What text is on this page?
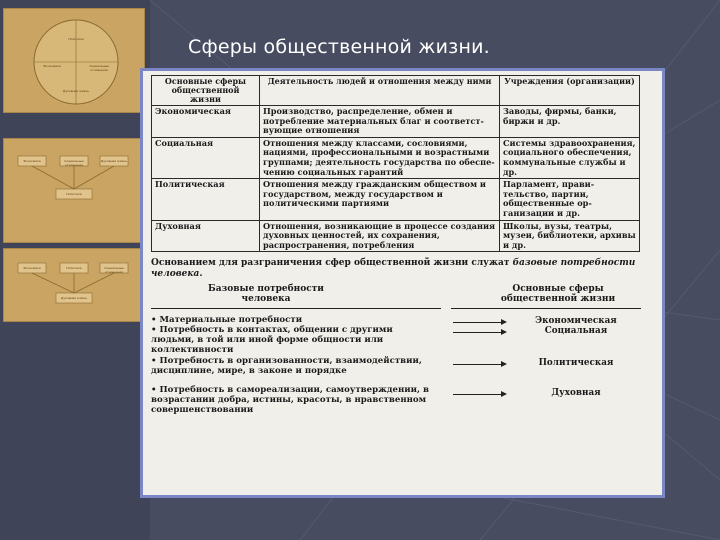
Политика
Экономика	Социальные отношения
Духовная жизнь
Экономика	Социальные отношения
Духовная жизнь
Политика
Экономика	Политика	Социальные отношения
Духовная жизнь
Сферы общественной жизни.
Основные сферы общественной жизни	Деятельность людей и отношения между ними	Учреждения (организации)
Экономическая	Производство, распределение, обмен и потребление материальных благ и соответствующие отношения	Заводы, фирмы, банки, биржи и др.
Социальная	Отношения между классами, сословиями, нациями, профессиональными и возрастными группами; деятельность государства по обеспечению социальных гарантий	Системы здравоохранения, социального обеспечения, коммунальные службы и др.
Политическая	Отношения между гражданским обществом и государством, между государством и политическими партиями	Парламент, правительство, партии, общественные организации и др.
Духовная	Отношения, возникающие в процессе создания духовных ценностей, их сохранения, распространения, потребления	Школы, вузы, театры, музеи, библиотеки, архивы и др.
Основанием для разграничения сфер общественной жизни служат базовые потребности человека.
Базовые потребности человека
Основные сферы общественной жизни
• Материальные потребности	Экономическая
• Потребность в контактах, общении с другими людьми, в той или иной форме общности или коллективности
Социальная
• Потребность в организованности, взаимодействии, дисциплине, мире, в законе и порядке
Политическая
• Потребность в самореализации, самоутверждении, в возрастании добра, истины, красоты, в нравственном совершенствовании
Духовная
